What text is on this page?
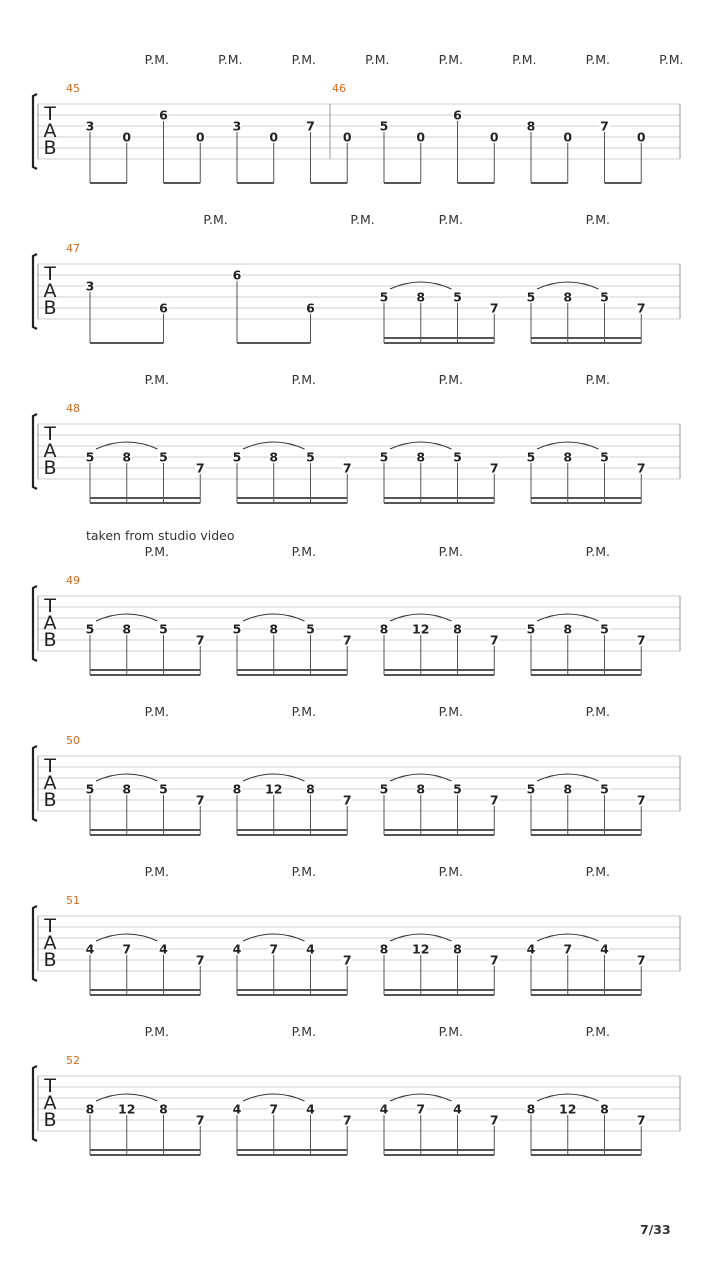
T
A
B
45
P.M.
3
0
P.M.
6
0
P.M.
3
0
P.M.
7
0
46
P.M.
5
0
P.M.
6
0
P.M.
8
0
P.M.
7
0
T
A
B
47
P.M.
3
6
P.M.
6
6
P.M.
5 8 5
7
P.M.
5 8 5
7
T
A
B
48
P.M.
5 8 5
7
P.M.
5 8 5
7
P.M.
5 8 5
7
P.M.
5 8 5
7
T
A
B
taken from studio video
49
P.M.
5 8 5
7
P.M.
5 8 5
7
P.M.
8 12 8
7
P.M.
5 8 5
7
T
A
B
50
P.M.
5 8 5
7
P.M.
8 12 8
7
P.M.
5 8 5
7
P.M.
5 8 5
7
T
A
B
51
P.M.
4 7 4
7
P.M.
4 7 4
7
P.M.
8 12 8
7
P.M.
4 7 4
7
T
A
B
52
P.M.
8 12 8
7
P.M.
4 7 4
7
P.M.
4 7 4
7
P.M.
8 12 8
7
7/33
